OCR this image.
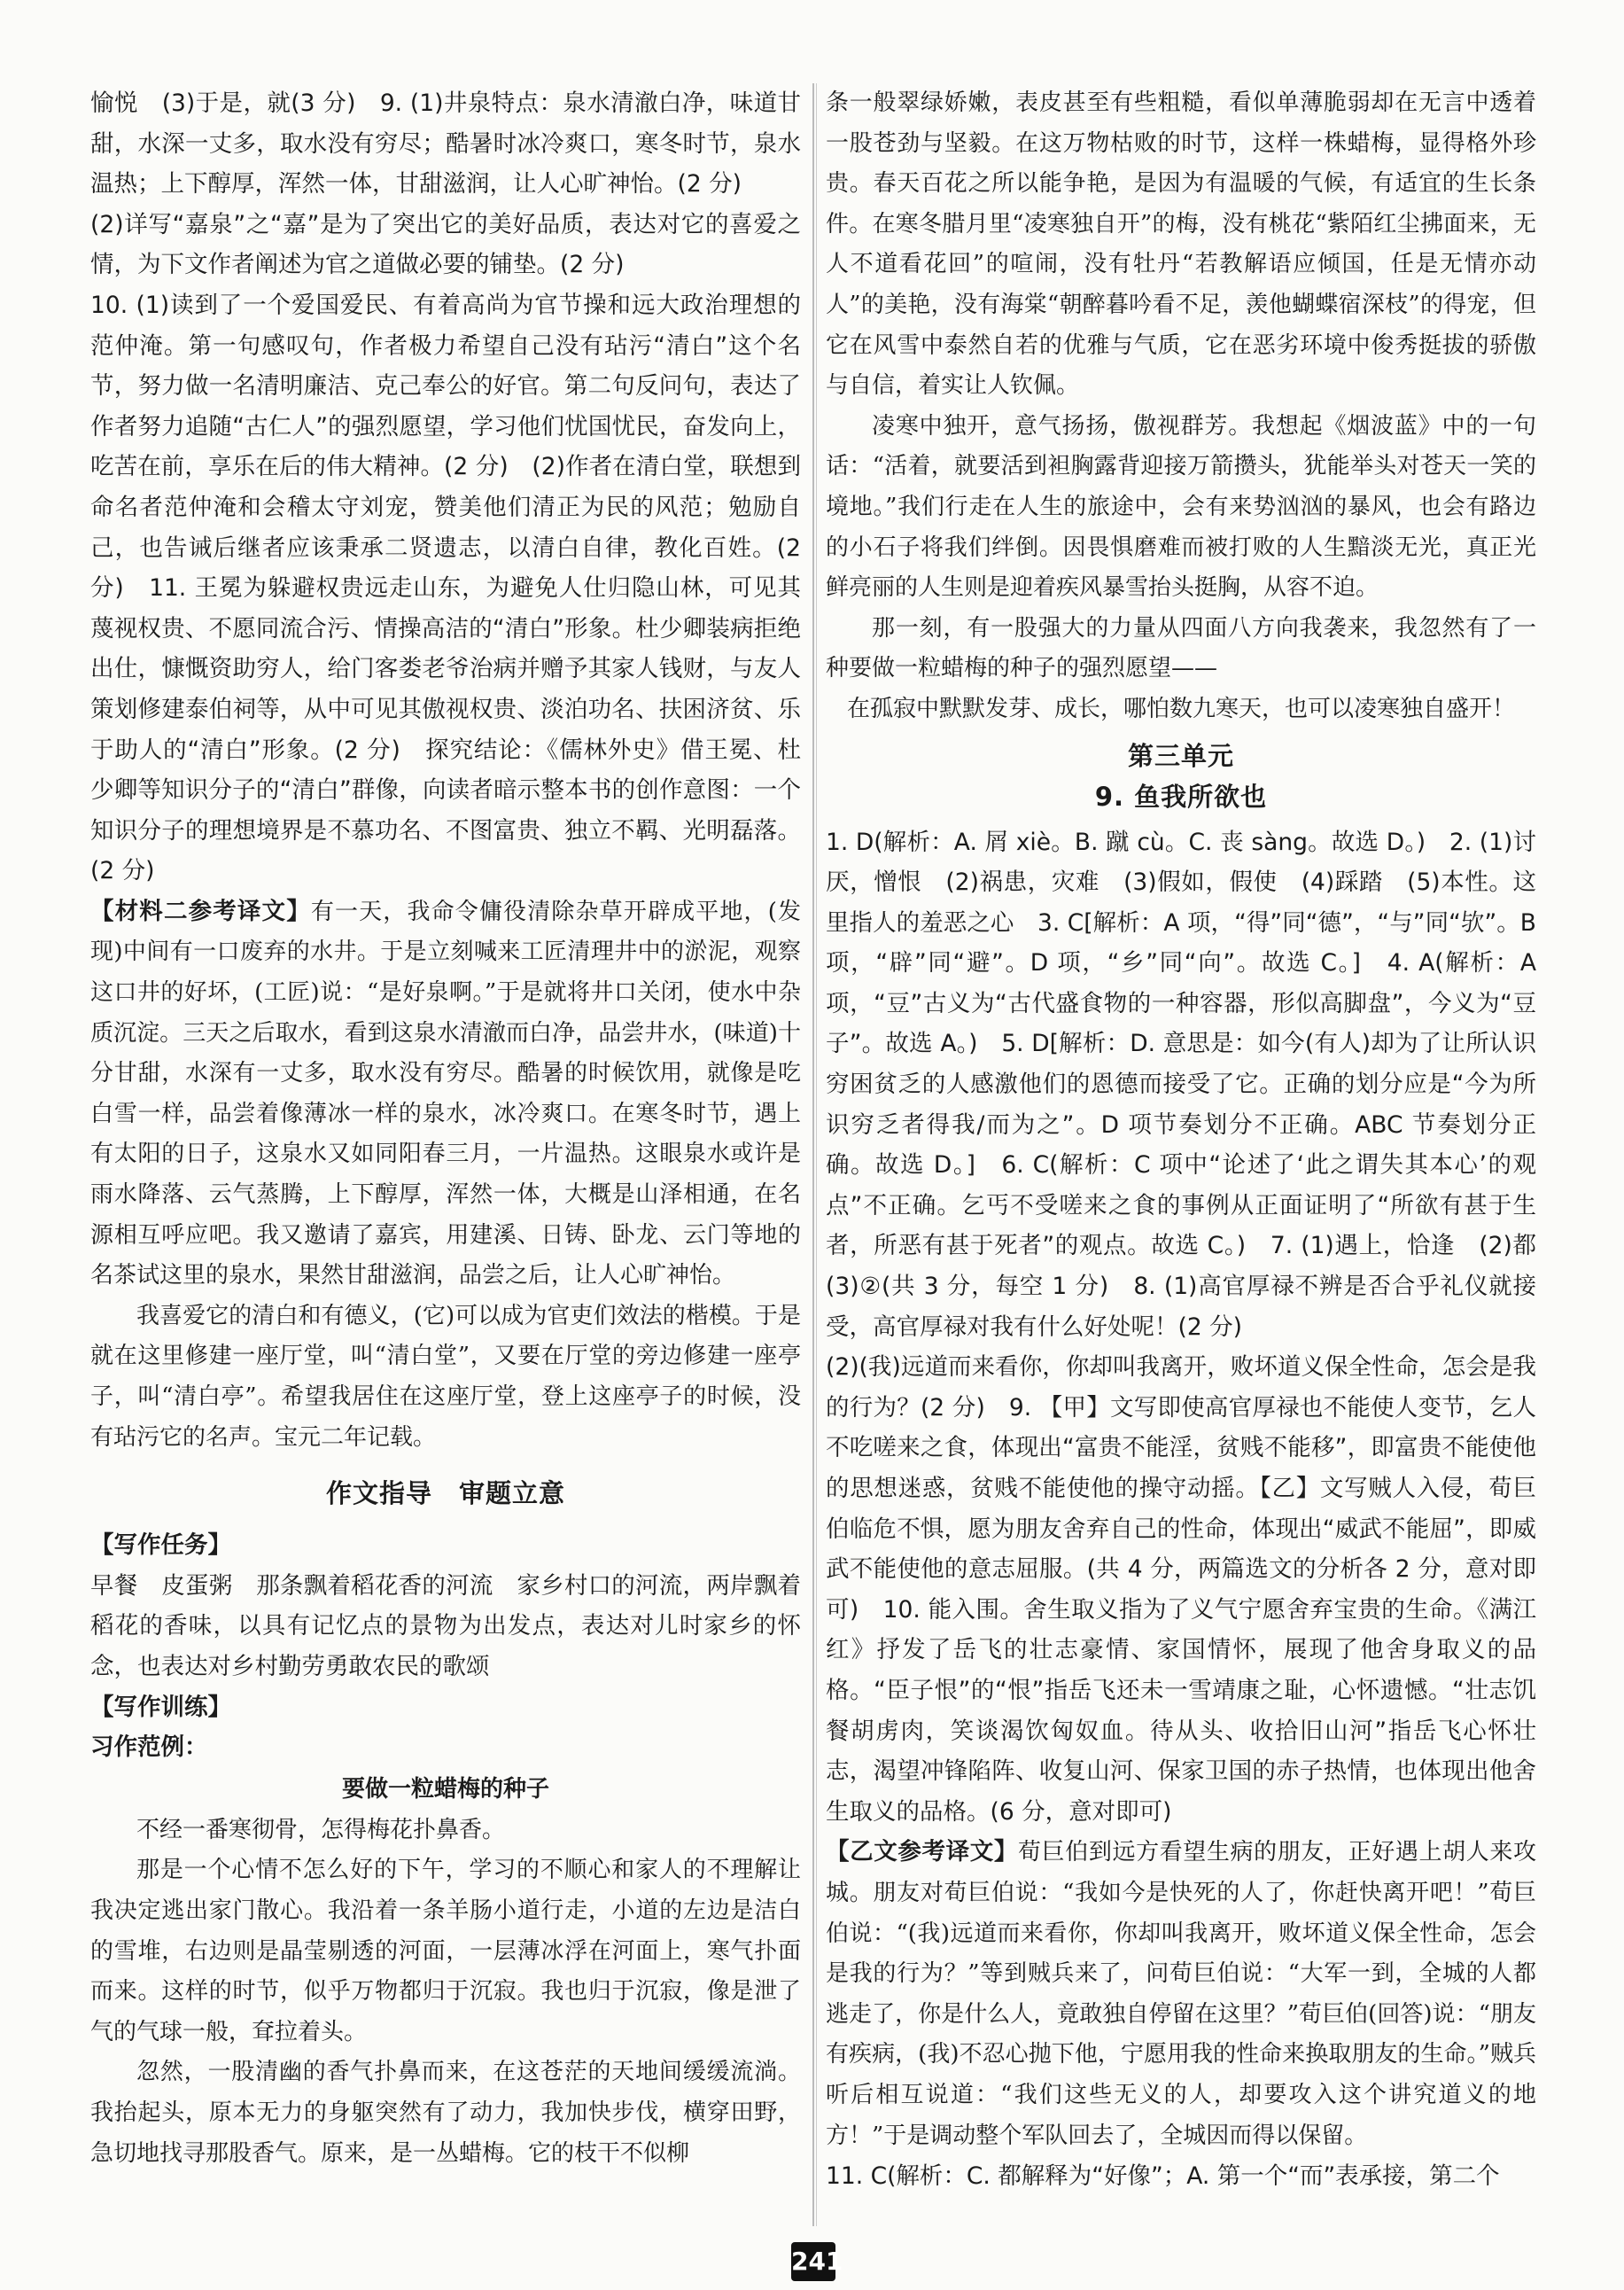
愉悦　(3)于是，就(3 分)　9. (1)井泉特点：泉水清澈白净，味道甘甜，水深一丈多，取水没有穷尽；酷暑时冰冷爽口，寒冬时节，泉水温热；上下醇厚，浑然一体，甘甜滋润，让人心旷神怡。(2 分)

(2)详写“嘉泉”之“嘉”是为了突出它的美好品质，表达对它的喜爱之情，为下文作者阐述为官之道做必要的铺垫。(2 分)

10. (1)读到了一个爱国爱民、有着高尚为官节操和远大政治理想的范仲淹。第一句感叹句，作者极力希望自己没有玷污“清白”这个名节，努力做一名清明廉洁、克己奉公的好官。第二句反问句，表达了作者努力追随“古仁人”的强烈愿望，学习他们忧国忧民，奋发向上，吃苦在前，享乐在后的伟大精神。(2 分)　(2)作者在清白堂，联想到命名者范仲淹和会稽太守刘宠，赞美他们清正为民的风范；勉励自己，也告诫后继者应该秉承二贤遗志，以清白自律，教化百姓。(2 分)　11. 王冕为躲避权贵远走山东，为避免人仕归隐山林，可见其蔑视权贵、不愿同流合污、情操高洁的“清白”形象。杜少卿装病拒绝出仕，慷慨资助穷人，给门客娄老爷治病并赠予其家人钱财，与友人策划修建泰伯祠等，从中可见其傲视权贵、淡泊功名、扶困济贫、乐于助人的“清白”形象。(2 分)　探究结论：《儒林外史》借王冕、杜少卿等知识分子的“清白”群像，向读者暗示整本书的创作意图：一个知识分子的理想境界是不慕功名、不图富贵、独立不羁、光明磊落。(2 分)

【材料二参考译文】有一天，我命令傭役清除杂草开辟成平地，(发现)中间有一口废弃的水井。于是立刻喊来工匠清理井中的淤泥，观察这口井的好坏，(工匠)说：“是好泉啊。”于是就将井口关闭，使水中杂质沉淀。三天之后取水，看到这泉水清澈而白净，品尝井水，(味道)十分甘甜，水深有一丈多，取水没有穷尽。酷暑的时候饮用，就像是吃白雪一样，品尝着像薄冰一样的泉水，冰冷爽口。在寒冬时节，遇上有太阳的日子，这泉水又如同阳春三月，一片温热。这眼泉水或许是雨水降落、云气蒸腾，上下醇厚，浑然一体，大概是山泽相通，在名源相互呼应吧。我又邀请了嘉宾，用建溪、日铸、卧龙、云门等地的名茶试这里的泉水，果然甘甜滋润，品尝之后，让人心旷神怡。

我喜爱它的清白和有德义，(它)可以成为官吏们效法的楷模。于是就在这里修建一座厅堂，叫“清白堂”，又要在厅堂的旁边修建一座亭子，叫“清白亭”。希望我居住在这座厅堂，登上这座亭子的时候，没有玷污它的名声。宝元二年记载。

作文指导 审题立意

【写作任务】

早餐　皮蛋粥　那条飘着稻花香的河流　家乡村口的河流，两岸飘着稻花的香味，以具有记忆点的景物为出发点，表达对儿时家乡的怀念，也表达对乡村勤劳勇敢农民的歌颂

【写作训练】

习作范例：

要做一粒蜡梅的种子

不经一番寒彻骨，怎得梅花扑鼻香。

那是一个心情不怎么好的下午，学习的不顺心和家人的不理解让我决定逃出家门散心。我沿着一条羊肠小道行走，小道的左边是洁白的雪堆，右边则是晶莹剔透的河面，一层薄冰浮在河面上，寒气扑面而来。这样的时节，似乎万物都归于沉寂。我也归于沉寂，像是泄了气的气球一般，耷拉着头。

忽然，一股清幽的香气扑鼻而来，在这苍茫的天地间缓缓流淌。我抬起头，原本无力的身躯突然有了动力，我加快步伐，横穿田野，急切地找寻那股香气。原来，是一丛蜡梅。它的枝干不似柳

条一般翠绿娇嫩，表皮甚至有些粗糙，看似单薄脆弱却在无言中透着一股苍劲与坚毅。在这万物枯败的时节，这样一株蜡梅，显得格外珍贵。春天百花之所以能争艳，是因为有温暖的气候，有适宜的生长条件。在寒冬腊月里“凌寒独自开”的梅，没有桃花“紫陌红尘拂面来，无人不道看花回”的喧闹，没有牡丹“若教解语应倾国，任是无情亦动人”的美艳，没有海棠“朝醉暮吟看不足，羡他蝴蝶宿深枝”的得宠，但它在风雪中泰然自若的优雅与气质，它在恶劣环境中俊秀挺拔的骄傲与自信，着实让人钦佩。

凌寒中独开，意气扬扬，傲视群芳。我想起《烟波蓝》中的一句话：“活着，就要活到袒胸露背迎接万箭攒头，犹能举头对苍天一笑的境地。”我们行走在人生的旅途中，会有来势汹汹的暴风，也会有路边的小石子将我们绊倒。因畏惧磨难而被打败的人生黯淡无光，真正光鲜亮丽的人生则是迎着疾风暴雪抬头挺胸，从容不迫。

那一刻，有一股强大的力量从四面八方向我袭来，我忽然有了一种要做一粒蜡梅的种子的强烈愿望——

在孤寂中默默发芽、成长，哪怕数九寒天，也可以凌寒独自盛开！

第三单元
9. 鱼我所欲也

1. D(解析：A. 屑 xiè。B. 蹴 cù。C. 丧 sàng。故选 D。)　2. (1)讨厌，憎恨　(2)祸患，灾难　(3)假如，假使　(4)踩踏　(5)本性。这里指人的羞恶之心　3. C[解析：A 项，“得”同“德”，“与”同“欤”。B 项，“辟”同“避”。D 项，“乡”同“向”。故选 C。]　4. A(解析：A 项，“豆”古义为“古代盛食物的一种容器，形似高脚盘”，今义为“豆子”。故选 A。)　5. D[解析：D. 意思是：如今(有人)却为了让所认识穷困贫乏的人感激他们的恩德而接受了它。正确的划分应是“今为所识穷乏者得我/而为之”。D 项节奏划分不正确。ABC 节奏划分正确。故选 D。]　6. C(解析：C 项中“论述了‘此之谓失其本心’的观点”不正确。乞丐不受嗟来之食的事例从正面证明了“所欲有甚于生者，所恶有甚于死者”的观点。故选 C。)　7. (1)遇上，恰逢　(2)都　(3)②(共 3 分，每空 1 分)　8. (1)高官厚禄不辨是否合乎礼仪就接受，高官厚禄对我有什么好处呢！(2 分)

(2)(我)远道而来看你，你却叫我离开，败坏道义保全性命，怎会是我的行为？(2 分)　9. 【甲】文写即使高官厚禄也不能使人变节，乞人不吃嗟来之食，体现出“富贵不能淫，贫贱不能移”，即富贵不能使他的思想迷惑，贫贱不能使他的操守动摇。【乙】文写贼人入侵，荀巨伯临危不惧，愿为朋友舍弃自己的性命，体现出“威武不能屈”，即威武不能使他的意志屈服。(共 4 分，两篇选文的分析各 2 分，意对即可)　10. 能入围。舍生取义指为了义气宁愿舍弃宝贵的生命。《满江红》抒发了岳飞的壮志豪情、家国情怀，展现了他舍身取义的品格。“臣子恨”的“恨”指岳飞还未一雪靖康之耻，心怀遗憾。“壮志饥餐胡虏肉，笑谈渴饮匈奴血。待从头、收拾旧山河”指岳飞心怀壮志，渴望冲锋陷阵、收复山河、保家卫国的赤子热情，也体现出他舍生取义的品格。(6 分，意对即可)

【乙文参考译文】荀巨伯到远方看望生病的朋友，正好遇上胡人来攻城。朋友对荀巨伯说：“我如今是快死的人了，你赶快离开吧！”荀巨伯说：“(我)远道而来看你，你却叫我离开，败坏道义保全性命，怎会是我的行为？”等到贼兵来了，问荀巨伯说：“大军一到，全城的人都逃走了，你是什么人，竟敢独自停留在这里？”荀巨伯(回答)说：“朋友有疾病，(我)不忍心抛下他，宁愿用我的性命来换取朋友的生命。”贼兵听后相互说道：“我们这些无义的人，却要攻入这个讲究道义的地方！”于是调动整个军队回去了，全城因而得以保留。

11. C(解析：C. 都解释为“好像”；A. 第一个“而”表承接，第二个

241
